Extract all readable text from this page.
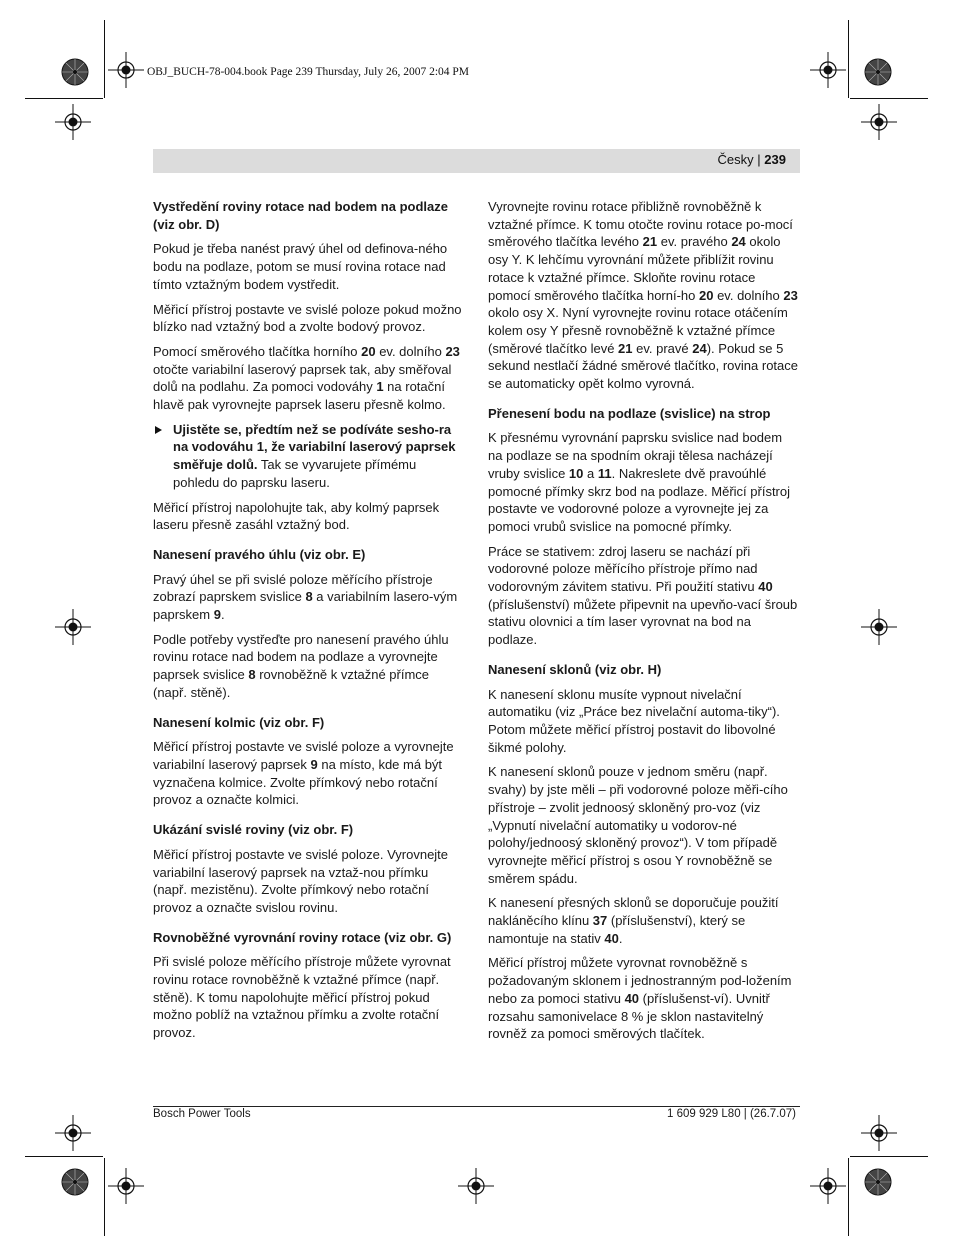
OBJ_BUCH-78-004.book Page 239 Thursday, July 26, 2007 2:04 PM
Česky | 239
Vystředění roviny rotace nad bodem na podlaze (viz obr. D)

Pokud je třeba nanést pravý úhel od definova-ného bodu na podlaze, potom se musí rovina rotace nad tímto vztažným bodem vystředit.

Měřicí přístroj postavte ve svislé poloze pokud možno blízko nad vztažný bod a zvolte bodový provoz.

Pomocí směrového tlačítka horního 20 ev. dolního 23 otočte variabilní laserový paprsek tak, aby směřoval dolů na podlahu. Za pomoci vodováhy 1 na rotační hlavě pak vyrovnejte paprsek laseru přesně kolmo.

Ujistěte se, předtím než se podíváte sesho-ra na vodováhu 1, že variabilní laserový paprsek směřuje dolů. Tak se vyvarujete přímému pohledu do paprsku laseru.

Měřicí přístroj napolohujte tak, aby kolmý paprsek laseru přesně zasáhl vztažný bod.

Nanesení pravého úhlu (viz obr. E)

Pravý úhel se při svislé poloze měřícího přístroje zobrazí paprskem svislice 8 a variabilním lasero-vým paprskem 9.

Podle potřeby vystřeďte pro nanesení pravého úhlu rovinu rotace nad bodem na podlaze a vyrovnejte paprsek svislice 8 rovnoběžně k vztažné přímce (např. stěně).

Nanesení kolmic (viz obr. F)

Měřicí přístroj postavte ve svislé poloze a vyrovnejte variabilní laserový paprsek 9 na místo, kde má být vyznačena kolmice. Zvolte přímkový nebo rotační provoz a označte kolmici.

Ukázání svislé roviny (viz obr. F)

Měřicí přístroj postavte ve svislé poloze. Vyrovnejte variabilní laserový paprsek na vztaž-nou přímku (např. mezistěnu). Zvolte přímkový nebo rotační provoz a označte svislou rovinu.

Rovnoběžné vyrovnání roviny rotace (viz obr. G)

Při svislé poloze měřícího přístroje můžete vyrovnat rovinu rotace rovnoběžně k vztažné přímce (např. stěně). K tomu napolohujte měřicí přístroj pokud možno poblíž na vztažnou přímku a zvolte rotační provoz.

Vyrovnejte rovinu rotace přibližně rovnoběžně k vztažné přímce. K tomu otočte rovinu rotace po-mocí směrového tlačítka levého 21 ev. pravého 24 okolo osy Y. K lehčímu vyrovnání můžete přiblížit rovinu rotace k vztažné přímce. Skloňte rovinu rotace pomocí směrového tlačítka horní-ho 20 ev. dolního 23 okolo osy X. Nyní vyrovnejte rovinu rotace otáčením kolem osy Y přesně rovnoběžně k vztažné přímce (směrové tlačítko levé 21 ev. pravé 24). Pokud se 5 sekund nestlačí žádné směrové tlačítko, rovina rotace se automaticky opět kolmo vyrovná.

Přenesení bodu na podlaze (svislice) na strop

K přesnému vyrovnání paprsku svislice nad bodem na podlaze se na spodním okraji tělesa nacházejí vruby svislice 10 a 11. Nakreslete dvě pravoúhlé pomocné přímky skrz bod na podlaze. Měřicí přístroj postavte ve vodorovné poloze a vyrovnejte jej za pomoci vrubů svislice na pomocné přímky.

Práce se stativem: zdroj laseru se nachází při vodorovné poloze měřícího přístroje přímo nad vodorovným závitem stativu. Při použití stativu 40 (příslušenství) můžete připevnit na upevňo-vací šroub stativu olovnici a tím laser vyrovnat na bod na podlaze.

Nanesení sklonů (viz obr. H)

K nanesení sklonu musíte vypnout nivelační automatiku (viz „Práce bez nivelační automa-tiky“). Potom můžete měřicí přístroj postavit do libovolné šikmé polohy.

K nanesení sklonů pouze v jednom směru (např. svahy) by jste měli – při vodorovné poloze měři-cího přístroje – zvolit jednoosý skloněný pro-voz (viz „Vypnutí nivelační automatiky u vodorov-né polohy/jednoosý skloněný provoz“). V tom případě vyrovnejte měřicí přístroj s osou Y rovnoběžně se směrem spádu.

K nanesení přesných sklonů se doporučuje použití nakláněcího klínu 37 (příslušenství), který se namontuje na stativ 40.

Měřicí přístroj můžete vyrovnat rovnoběžně s požadovaným sklonem i jednostranným pod-ložením nebo za pomoci stativu 40 (příslušenst-ví). Uvnitř rozsahu samonivelace 8 % je sklon nastavitelný rovněž za pomoci směrových tlačítek.

Bosch Power Tools	1 609 929 L80 | (26.7.07)
